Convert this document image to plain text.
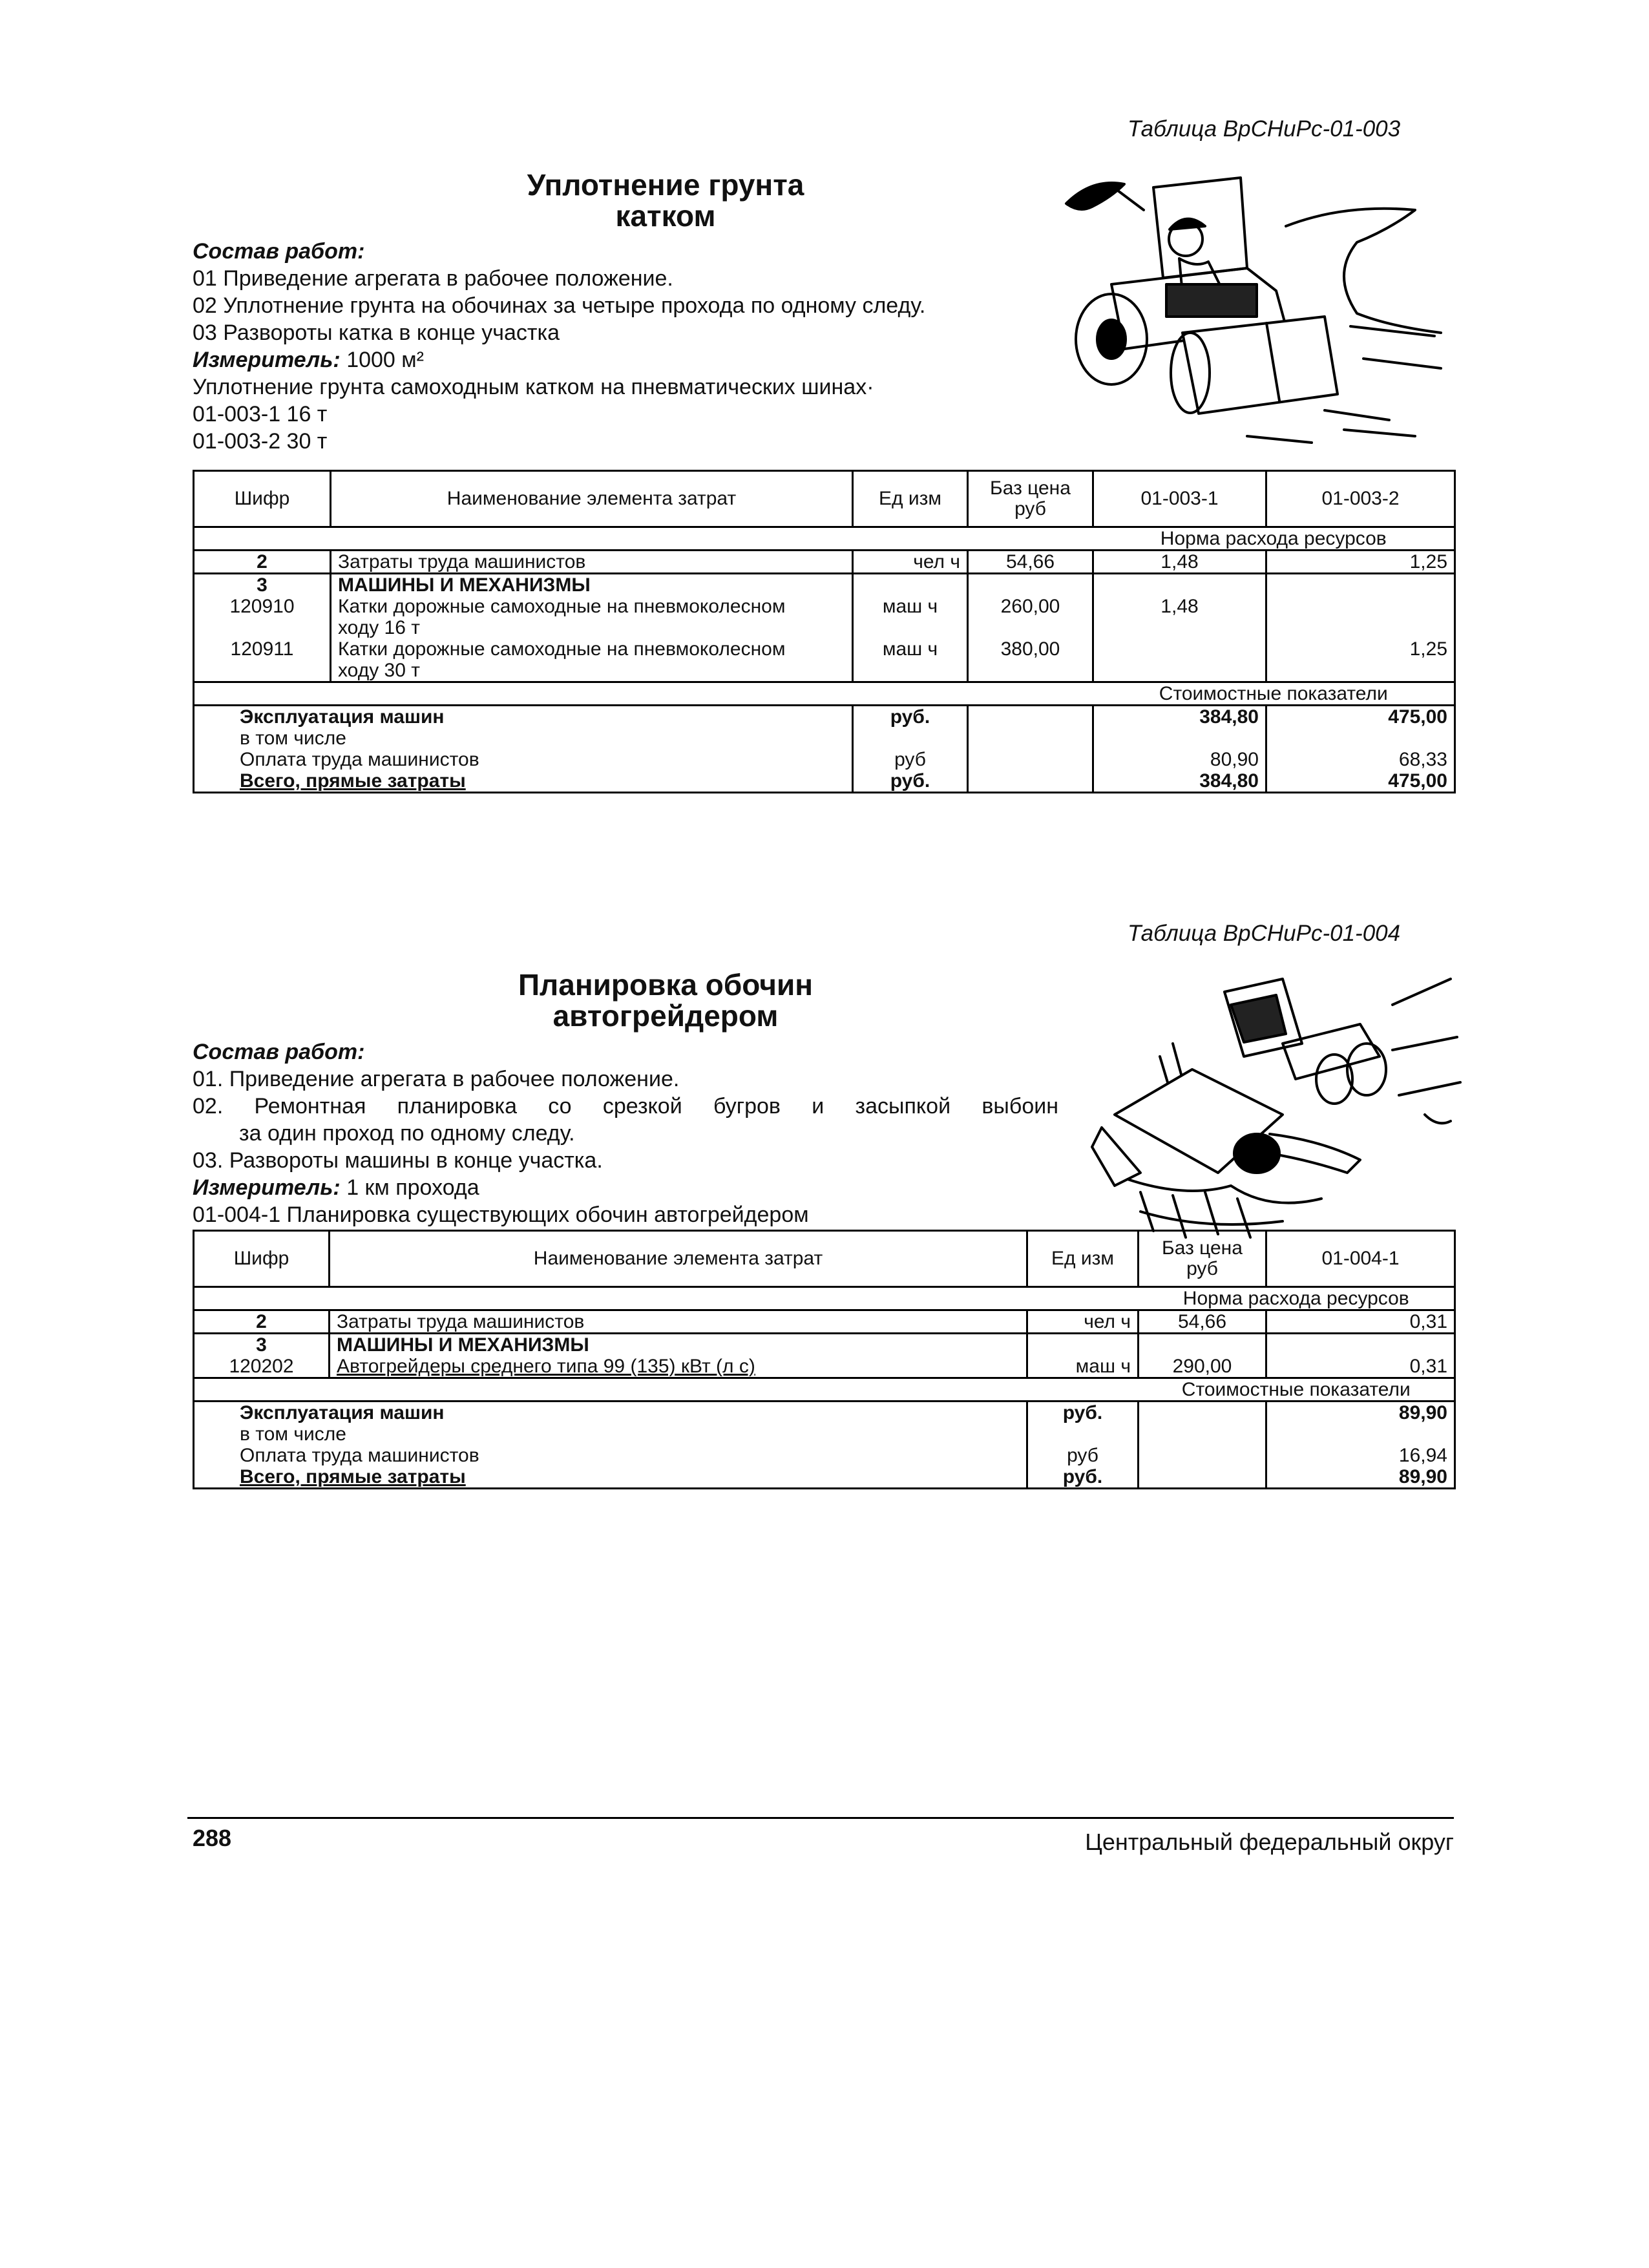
Таблица ВрСНиРс-01-003
Уплотнение грунта
катком
Состав работ:
01 Приведение агрегата в рабочее положение.
02 Уплотнение грунта на обочинах за четыре прохода по одному следу.
03 Развороты катка в конце участка
Измеритель: 1000 м²
Уплотнение грунта самоходным катком на пневматических шинах·
01-003-1 16 т
01-003-2 30 т
Шифр	Наименование элемента затрат	Ед изм	Баз цена руб	01-003-1	01-003-2
				Норма расхода ресурсов	
2	Затраты труда машинистов	чел ч	54,66	1,48	1,25
3	МАШИНЫ И МЕХАНИЗМЫ				
120910	Катки дорожные самоходные на пневмоколесном ходу 16 т	маш ч	260,00	1,48	
120911	Катки дорожные самоходные на пневмоколесном ходу 30 т	маш ч	380,00		1,25
				Стоимостные показатели	
Эксплуатация машин		руб.		384,80	475,00
в том числе					
Оплата труда машинистов		руб		80,90	68,33
Всего, прямые затраты		руб.		384,80	475,00
Таблица ВрСНиРс-01-004
Планировка обочин
автогрейдером
Состав работ:
01. Приведение агрегата в рабочее положение.
02. Ремонтная планировка со срезкой бугров и засыпкой выбоин
за один проход по одному следу.
03. Развороты машины в конце участка.
Измеритель: 1 км прохода
01-004-1 Планировка существующих обочин автогрейдером
Шифр	Наименование элемента затрат	Ед изм	Баз цена руб	01-004-1
			Норма расхода ресурсов	
2	Затраты труда машинистов	чел ч	54,66	0,31
3	МАШИНЫ И МЕХАНИЗМЫ			
120202	Автогрейдеры среднего типа 99 (135) кВт (л с)	маш ч	290,00	0,31
			Стоимостные показатели	
Эксплуатация машин		руб.		89,90
в том числе				
Оплата труда машинистов		руб		16,94
Всего, прямые затраты		руб.		89,90
288	Центральный федеральный округ
